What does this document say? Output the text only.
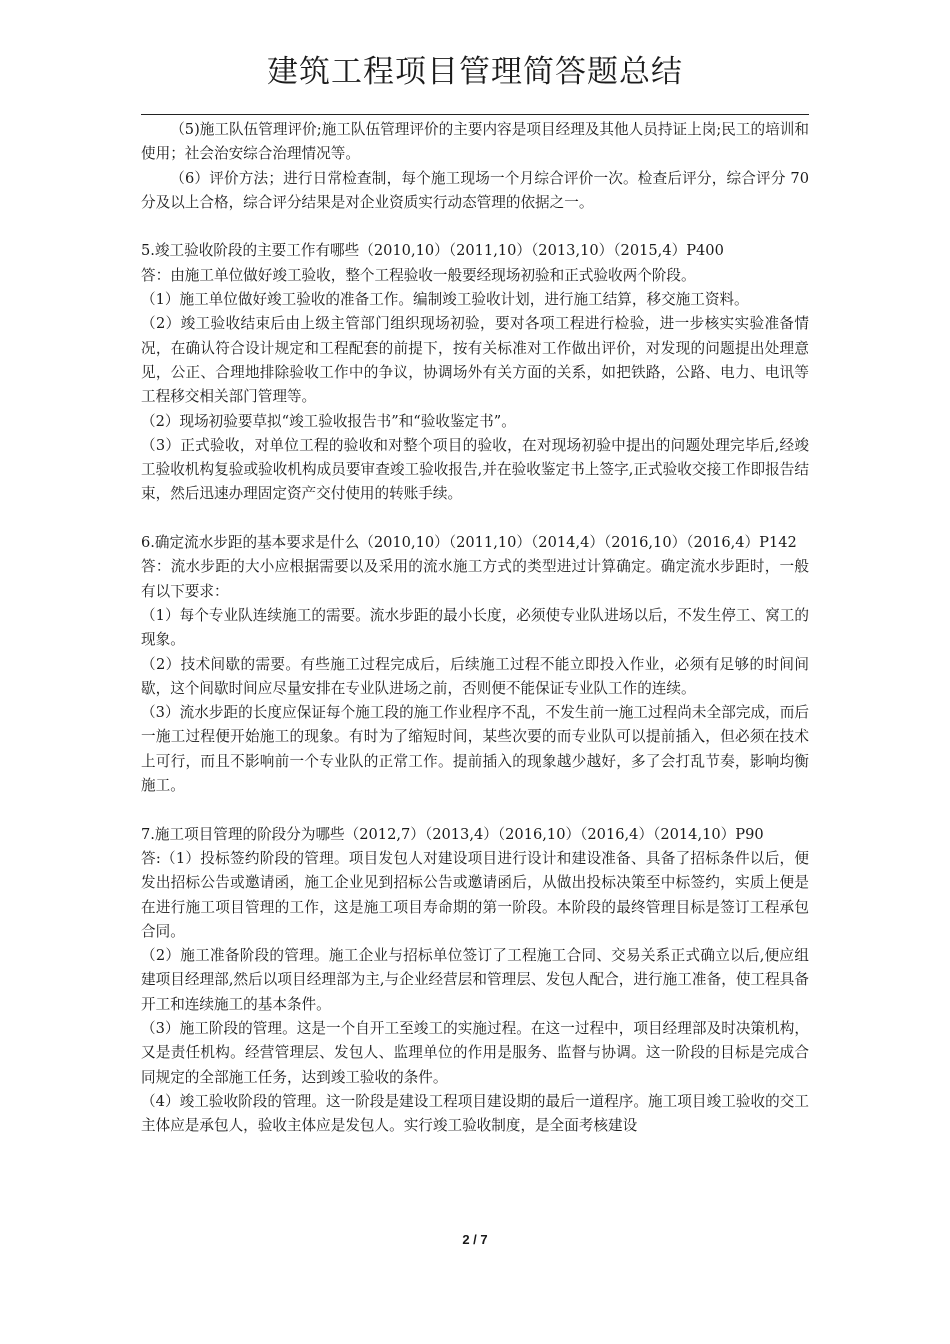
建筑工程项目管理简答题总结

（5)施工队伍管理评价;施工队伍管理评价的主要内容是项目经理及其他人员持证上岗;民工的培训和使用；社会治安综合治理情况等。

（6）评价方法；进行日常检查制，每个施工现场一个月综合评价一次。检查后评分，综合评分 70 分及以上合格，综合评分结果是对企业资质实行动态管理的依据之一。

5.竣工验收阶段的主要工作有哪些（2010,10）（2011,10）（2013,10）（2015,4）P400

答：由施工单位做好竣工验收，整个工程验收一般要经现场初验和正式验收两个阶段。

（1）施工单位做好竣工验收的准备工作。编制竣工验收计划，进行施工结算，移交施工资料。

（2）竣工验收结束后由上级主管部门组织现场初验，要对各项工程进行检验，进一步核实实验准备情况，在确认符合设计规定和工程配套的前提下，按有关标准对工作做出评价，对发现的问题提出处理意见，公正、合理地排除验收工作中的争议，协调场外有关方面的关系，如把铁路，公路、电力、电讯等工程移交相关部门管理等。

（2）现场初验要草拟“竣工验收报告书”和“验收鉴定书”。

（3）正式验收，对单位工程的验收和对整个项目的验收，在对现场初验中提出的问题处理完毕后,经竣工验收机构复验或验收机构成员要审查竣工验收报告,并在验收鉴定书上签字,正式验收交接工作即报告结束，然后迅速办理固定资产交付使用的转账手续。

6.确定流水步距的基本要求是什么（2010,10）（2011,10）（2014,4）（2016,10）（2016,4）P142

答：流水步距的大小应根据需要以及采用的流水施工方式的类型进过计算确定。确定流水步距时，一般有以下要求：

（1）每个专业队连续施工的需要。流水步距的最小长度，必须使专业队进场以后，不发生停工、窝工的现象。

（2）技术间歇的需要。有些施工过程完成后，后续施工过程不能立即投入作业，必须有足够的时间间歇，这个间歇时间应尽量安排在专业队进场之前，否则便不能保证专业队工作的连续。

（3）流水步距的长度应保证每个施工段的施工作业程序不乱，不发生前一施工过程尚未全部完成，而后一施工过程便开始施工的现象。有时为了缩短时间，某些次要的而专业队可以提前插入，但必须在技术上可行，而且不影响前一个专业队的正常工作。提前插入的现象越少越好，多了会打乱节奏，影响均衡施工。

7.施工项目管理的阶段分为哪些（2012,7）（2013,4）（2016,10）（2016,4）（2014,10）P90

答:（1）投标签约阶段的管理。项目发包人对建设项目进行设计和建设准备、具备了招标条件以后，便发出招标公告或邀请函，施工企业见到招标公告或邀请函后，从做出投标决策至中标签约，实质上便是在进行施工项目管理的工作，这是施工项目寿命期的第一阶段。本阶段的最终管理目标是签订工程承包合同。

（2）施工准备阶段的管理。施工企业与招标单位签订了工程施工合同、交易关系正式确立以后,便应组建项目经理部,然后以项目经理部为主,与企业经营层和管理层、发包人配合，进行施工准备，使工程具备开工和连续施工的基本条件。

（3）施工阶段的管理。这是一个自开工至竣工的实施过程。在这一过程中，项目经理部及时决策机构，又是责任机构。经营管理层、发包人、监理单位的作用是服务、监督与协调。这一阶段的目标是完成合同规定的全部施工任务，达到竣工验收的条件。

（4）竣工验收阶段的管理。这一阶段是建设工程项目建设期的最后一道程序。施工项目竣工验收的交工主体应是承包人，验收主体应是发包人。实行竣工验收制度，是全面考核建设

2 / 7
